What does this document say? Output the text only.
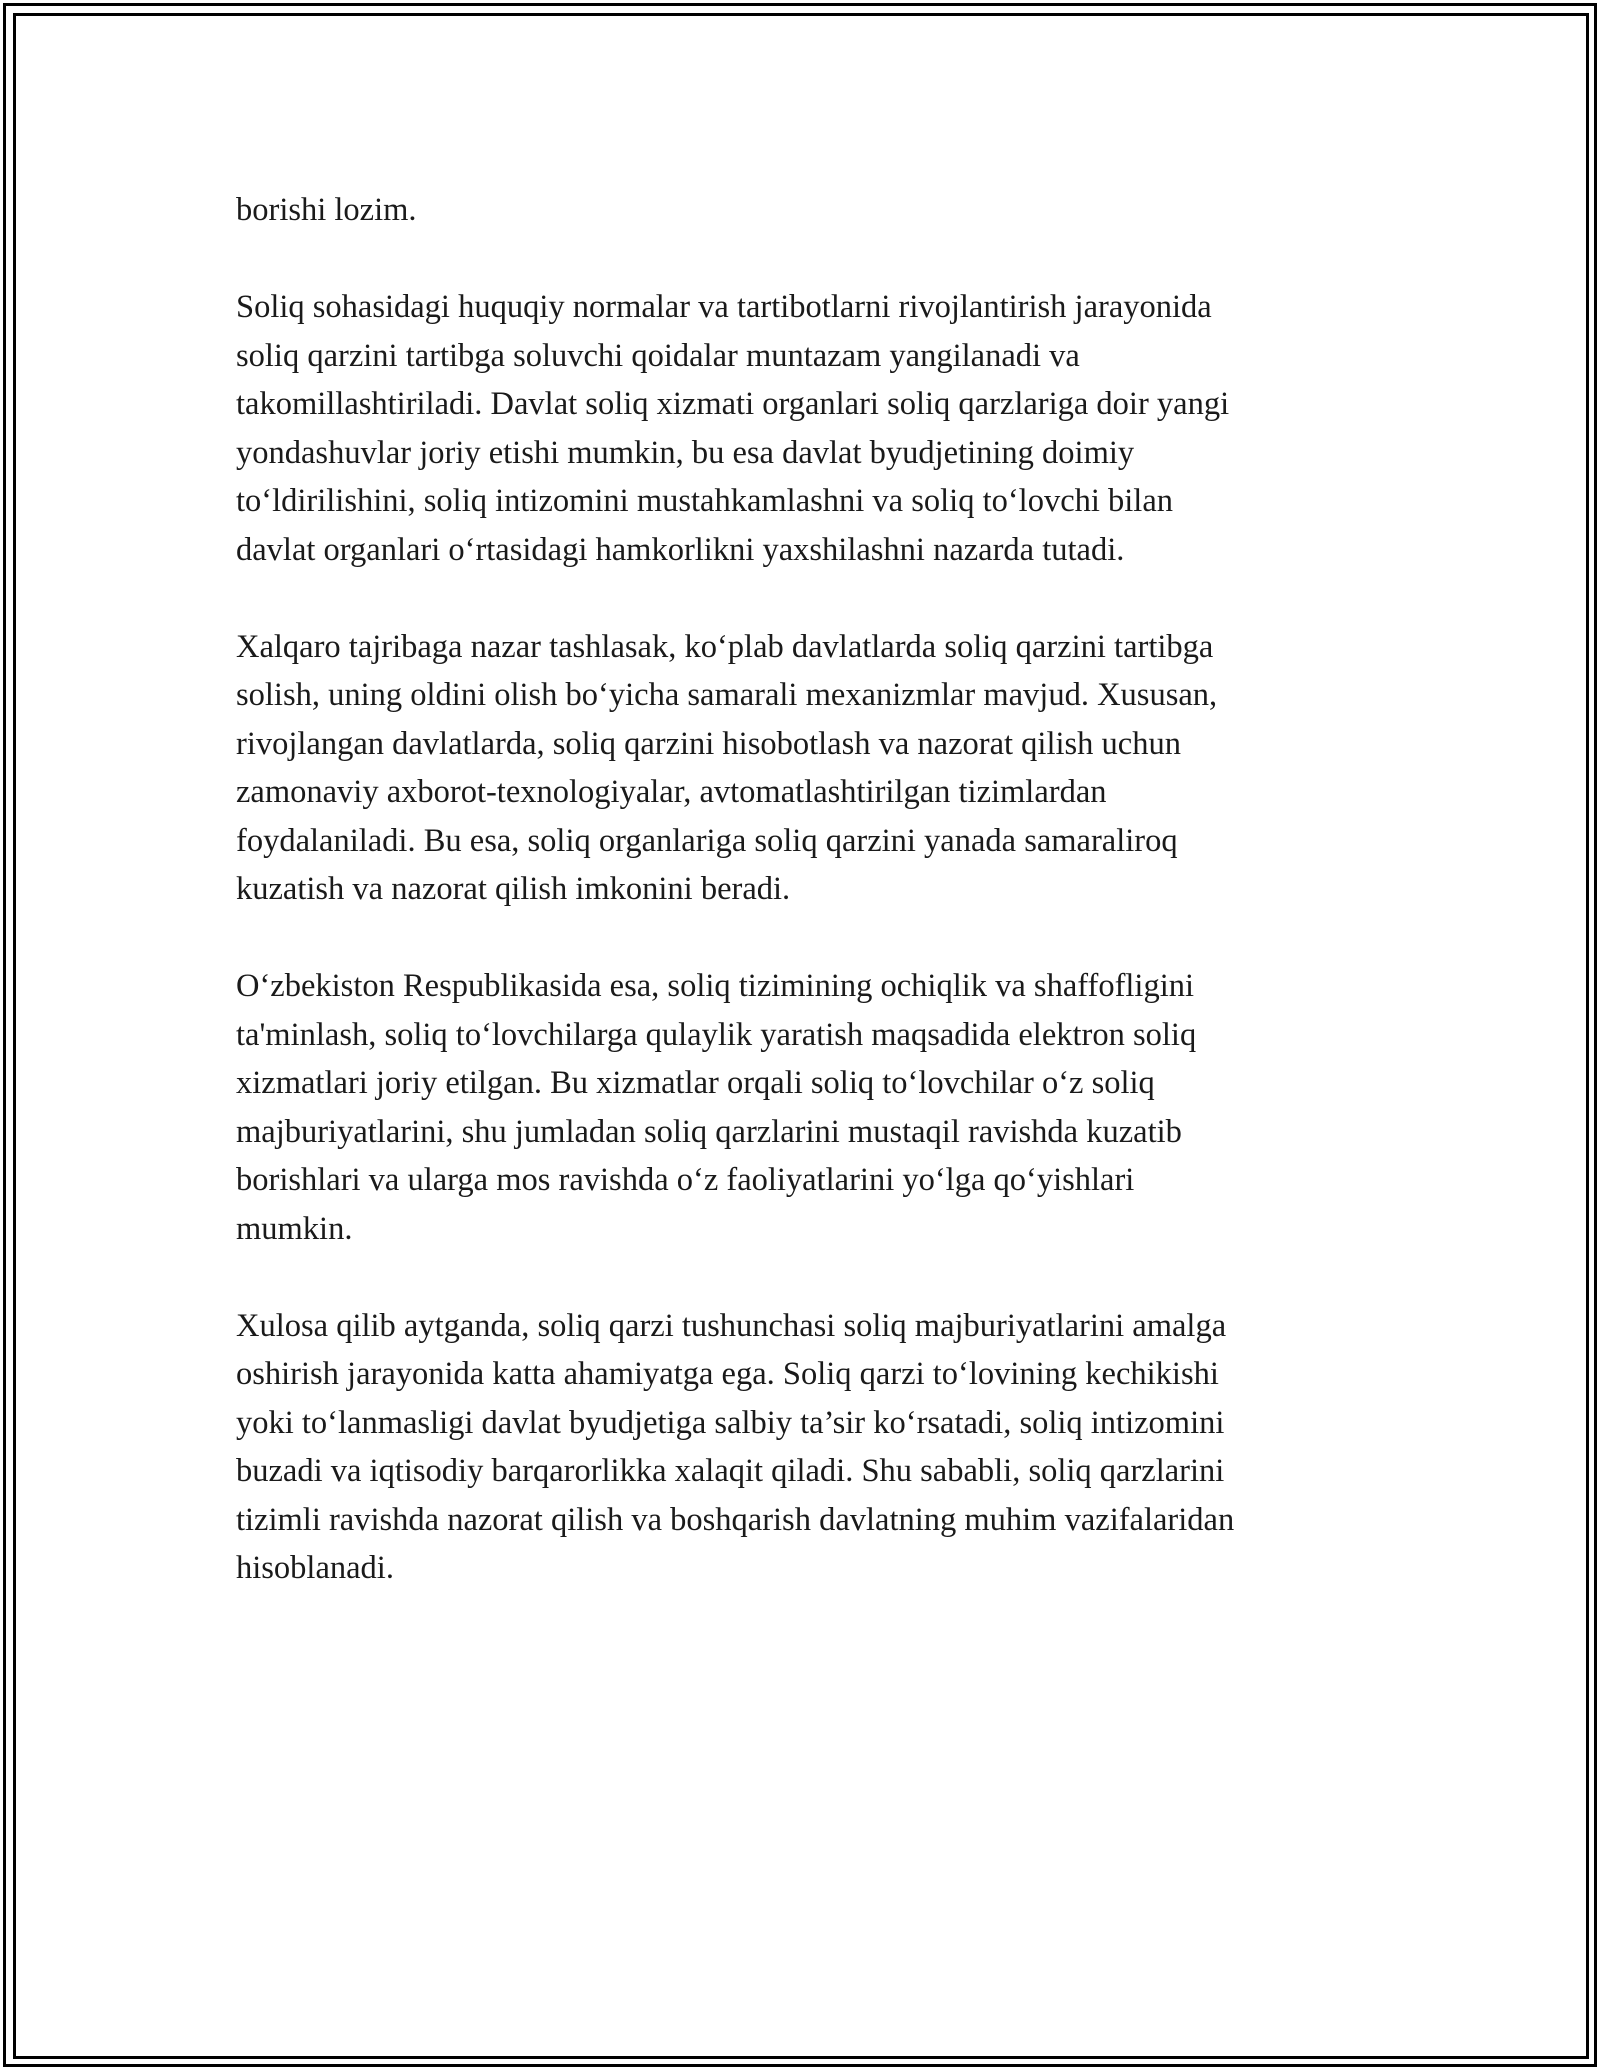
borishi lozim.

Soliq sohasidagi huquqiy normalar va tartibotlarni rivojlantirish jarayonida
soliq qarzini tartibga soluvchi qoidalar muntazam yangilanadi va
takomillashtiriladi. Davlat soliq xizmati organlari soliq qarzlariga doir yangi
yondashuvlar joriy etishi mumkin, bu esa davlat byudjetining doimiy
to‘ldirilishini, soliq intizomini mustahkamlashni va soliq to‘lovchi bilan
davlat organlari o‘rtasidagi hamkorlikni yaxshilashni nazarda tutadi.

Xalqaro tajribaga nazar tashlasak, ko‘plab davlatlarda soliq qarzini tartibga
solish, uning oldini olish bo‘yicha samarali mexanizmlar mavjud. Xususan,
rivojlangan davlatlarda, soliq qarzini hisobotlash va nazorat qilish uchun
zamonaviy axborot-texnologiyalar, avtomatlashtirilgan tizimlardan
foydalaniladi. Bu esa, soliq organlariga soliq qarzini yanada samaraliroq
kuzatish va nazorat qilish imkonini beradi.

O‘zbekiston Respublikasida esa, soliq tizimining ochiqlik va shaffofligini
ta'minlash, soliq to‘lovchilarga qulaylik yaratish maqsadida elektron soliq
xizmatlari joriy etilgan. Bu xizmatlar orqali soliq to‘lovchilar o‘z soliq
majburiyatlarini, shu jumladan soliq qarzlarini mustaqil ravishda kuzatib
borishlari va ularga mos ravishda o‘z faoliyatlarini yo‘lga qo‘yishlari
mumkin.

Xulosa qilib aytganda, soliq qarzi tushunchasi soliq majburiyatlarini amalga
oshirish jarayonida katta ahamiyatga ega. Soliq qarzi to‘lovining kechikishi
yoki to‘lanmasligi davlat byudjetiga salbiy ta’sir ko‘rsatadi, soliq intizomini
buzadi va iqtisodiy barqarorlikka xalaqit qiladi. Shu sababli, soliq qarzlarini
tizimli ravishda nazorat qilish va boshqarish davlatning muhim vazifalaridan
hisoblanadi.
